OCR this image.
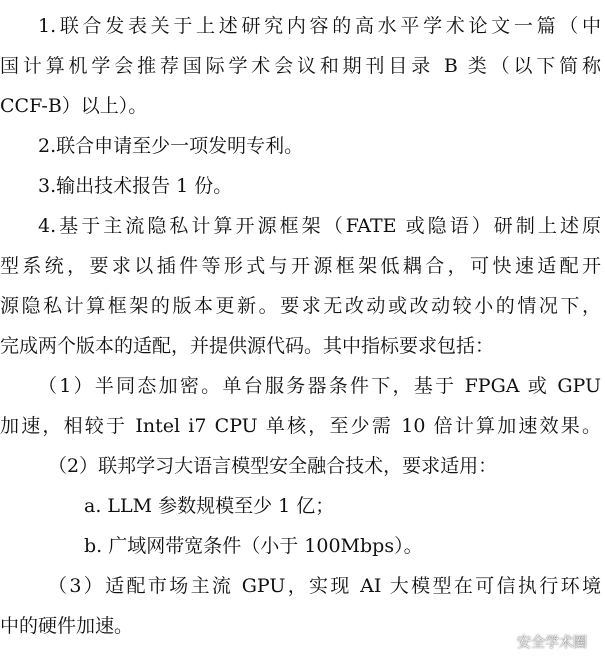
1.联合发表关于上述研究内容的高水平学术论文一篇（中
国计算机学会推荐国际学术会议和期刊目录 B 类（以下简称
CCF-B）以上）。
2.联合申请至少一项发明专利。
3.输出技术报告 1 份。
4.基于主流隐私计算开源框架（FATE 或隐语）研制上述原
型系统，要求以插件等形式与开源框架低耦合，可快速适配开
源隐私计算框架的版本更新。要求无改动或改动较小的情况下，
完成两个版本的适配，并提供源代码。其中指标要求包括：
（1）半同态加密。单台服务器条件下，基于 FPGA 或 GPU
加速，相较于 Intel i7 CPU 单核，至少需 10 倍计算加速效果。
（2）联邦学习大语言模型安全融合技术，要求适用：
a. LLM 参数规模至少 1 亿；
b. 广域网带宽条件（小于 100Mbps）。
（3）适配市场主流 GPU，实现 AI 大模型在可信执行环境
中的硬件加速。
安全学术圈
